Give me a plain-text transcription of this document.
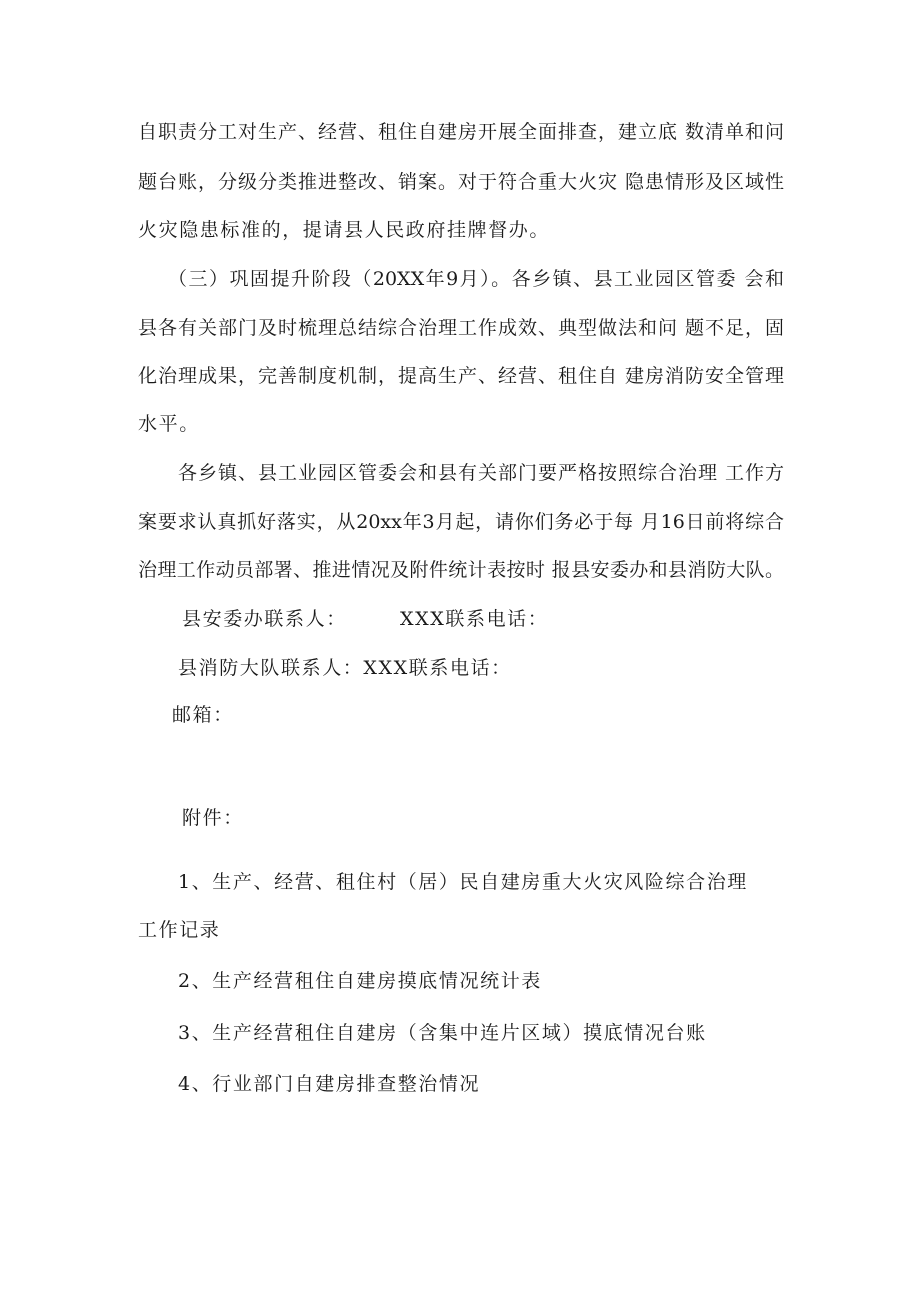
自职责分工对生产、经营、租住自建房开展全面排查，建立底 数清单和问
题台账，分级分类推进整改、销案。对于符合重大火灾 隐患情形及区域性
火灾隐患标准的，提请县人民政府挂牌督办。
（三）巩固提升阶段（20XX年9月）。各乡镇、县工业园区管委 会和
县各有关部门及时梳理总结综合治理工作成效、典型做法和问 题不足，固
化治理成果，完善制度机制，提高生产、经营、租住自 建房消防安全管理
水平。
各乡镇、县工业园区管委会和县有关部门要严格按照综合治理 工作方
案要求认真抓好落实，从20xx年3月起，请你们务必于每 月16日前将综合
治理工作动员部署、推进情况及附件统计表按时 报县安委办和县消防大队。
县安委办联系人：	XXX联系电话：
县消防大队联系人：XXX联系电话：
邮箱：
附件：
1、生产、经营、租住村（居）民自建房重大火灾风险综合治理
工作记录
2、生产经营租住自建房摸底情况统计表
3、生产经营租住自建房（含集中连片区域）摸底情况台账
4、行业部门自建房排查整治情况
